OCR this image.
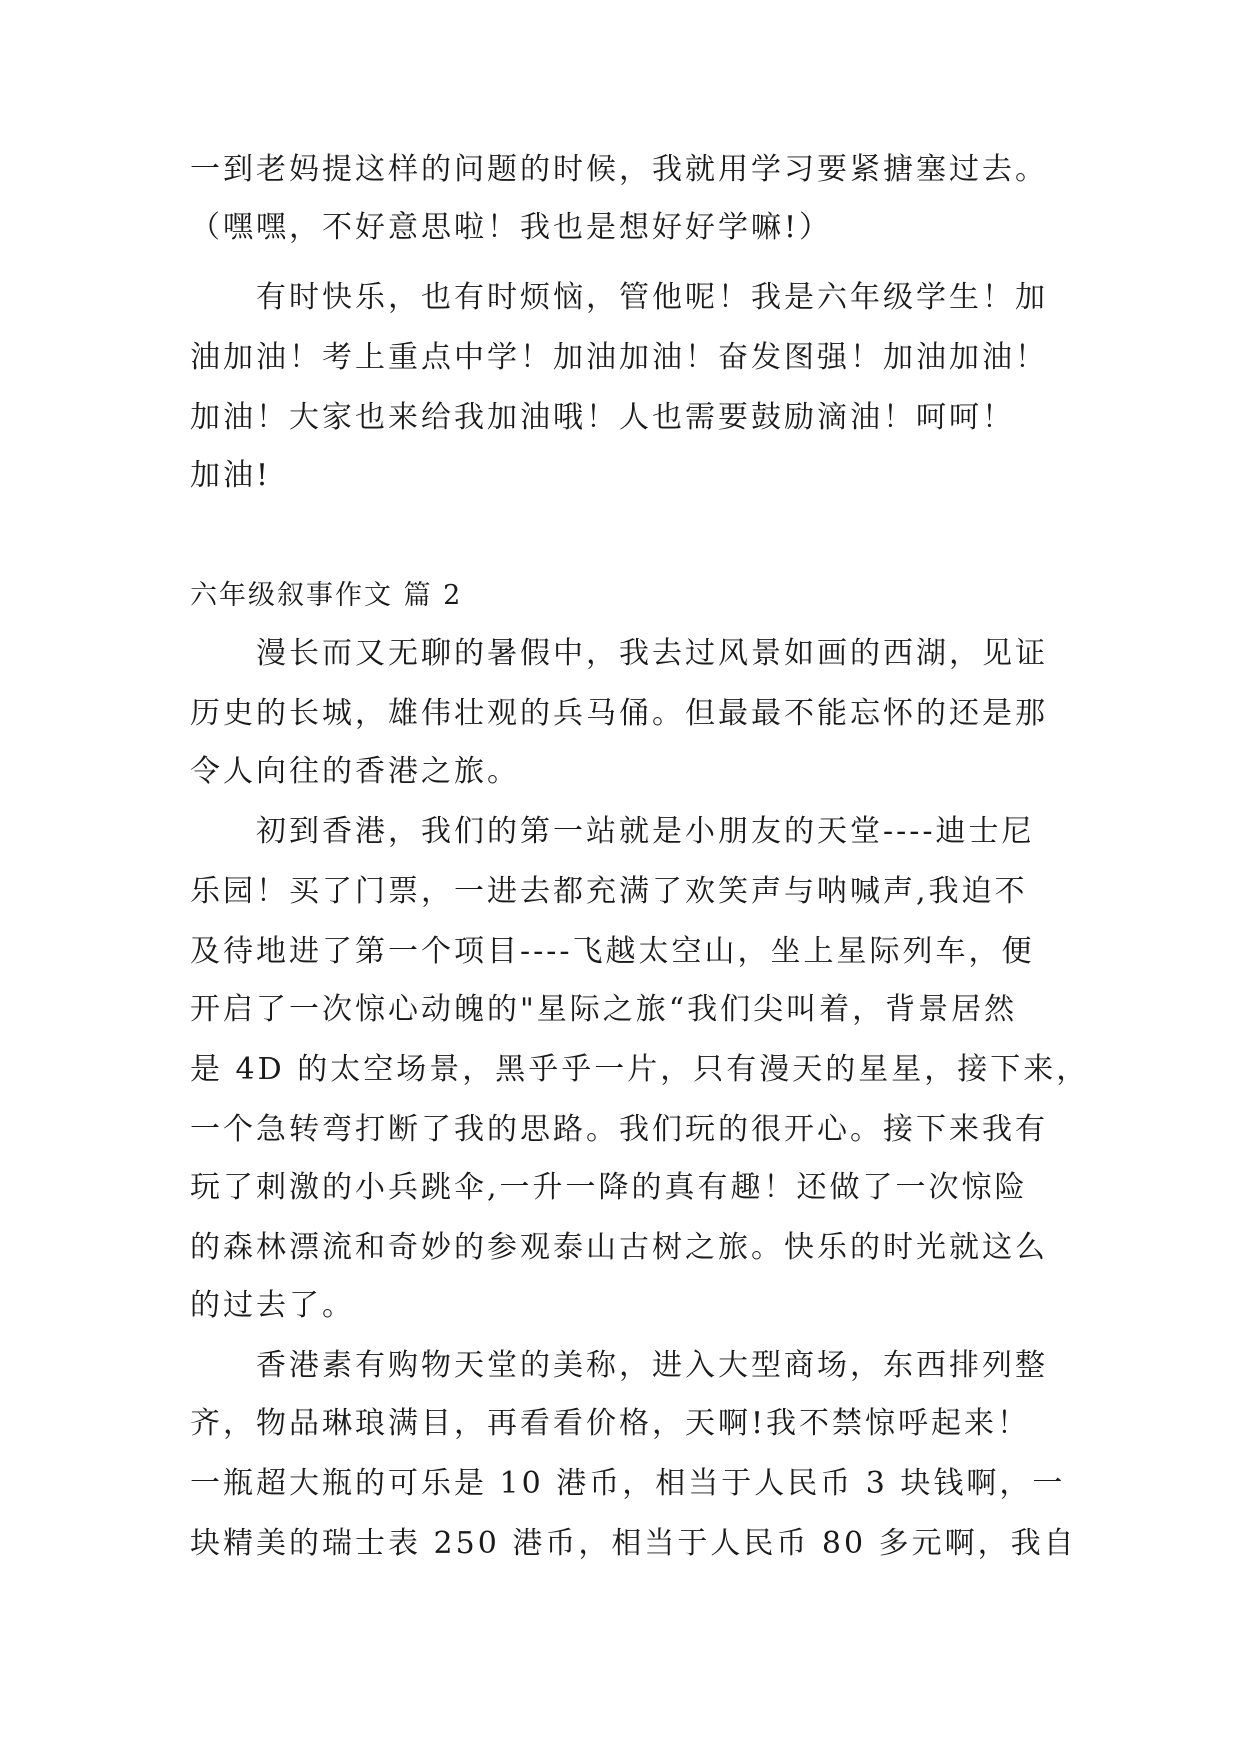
一到老妈提这样的问题的时候，我就用学习要紧搪塞过去。
（嘿嘿，不好意思啦！我也是想好好学嘛!）
　　有时快乐，也有时烦恼，管他呢！我是六年级学生！加
油加油！考上重点中学！加油加油！奋发图强！加油加油！
加油！大家也来给我加油哦！人也需要鼓励滴油！呵呵！
加油!
六年级叙事作文 篇 2
　　漫长而又无聊的暑假中，我去过风景如画的西湖，见证
历史的长城，雄伟壮观的兵马俑。但最最不能忘怀的还是那
令人向往的香港之旅。
　　初到香港，我们的第一站就是小朋友的天堂----迪士尼
乐园！买了门票，一进去都充满了欢笑声与呐喊声,我迫不
及待地进了第一个项目----飞越太空山，坐上星际列车，便
开启了一次惊心动魄的"星际之旅“我们尖叫着，背景居然
是 4D 的太空场景，黑乎乎一片，只有漫天的星星，接下来，
一个急转弯打断了我的思路。我们玩的很开心。接下来我有
玩了刺激的小兵跳伞,一升一降的真有趣！还做了一次惊险
的森林漂流和奇妙的参观泰山古树之旅。快乐的时光就这么
的过去了。
　　香港素有购物天堂的美称，进入大型商场，东西排列整
齐，物品琳琅满目，再看看价格，天啊!我不禁惊呼起来！
一瓶超大瓶的可乐是 10 港币，相当于人民币 3 块钱啊，一
块精美的瑞士表 250 港币，相当于人民币 80 多元啊，我自
